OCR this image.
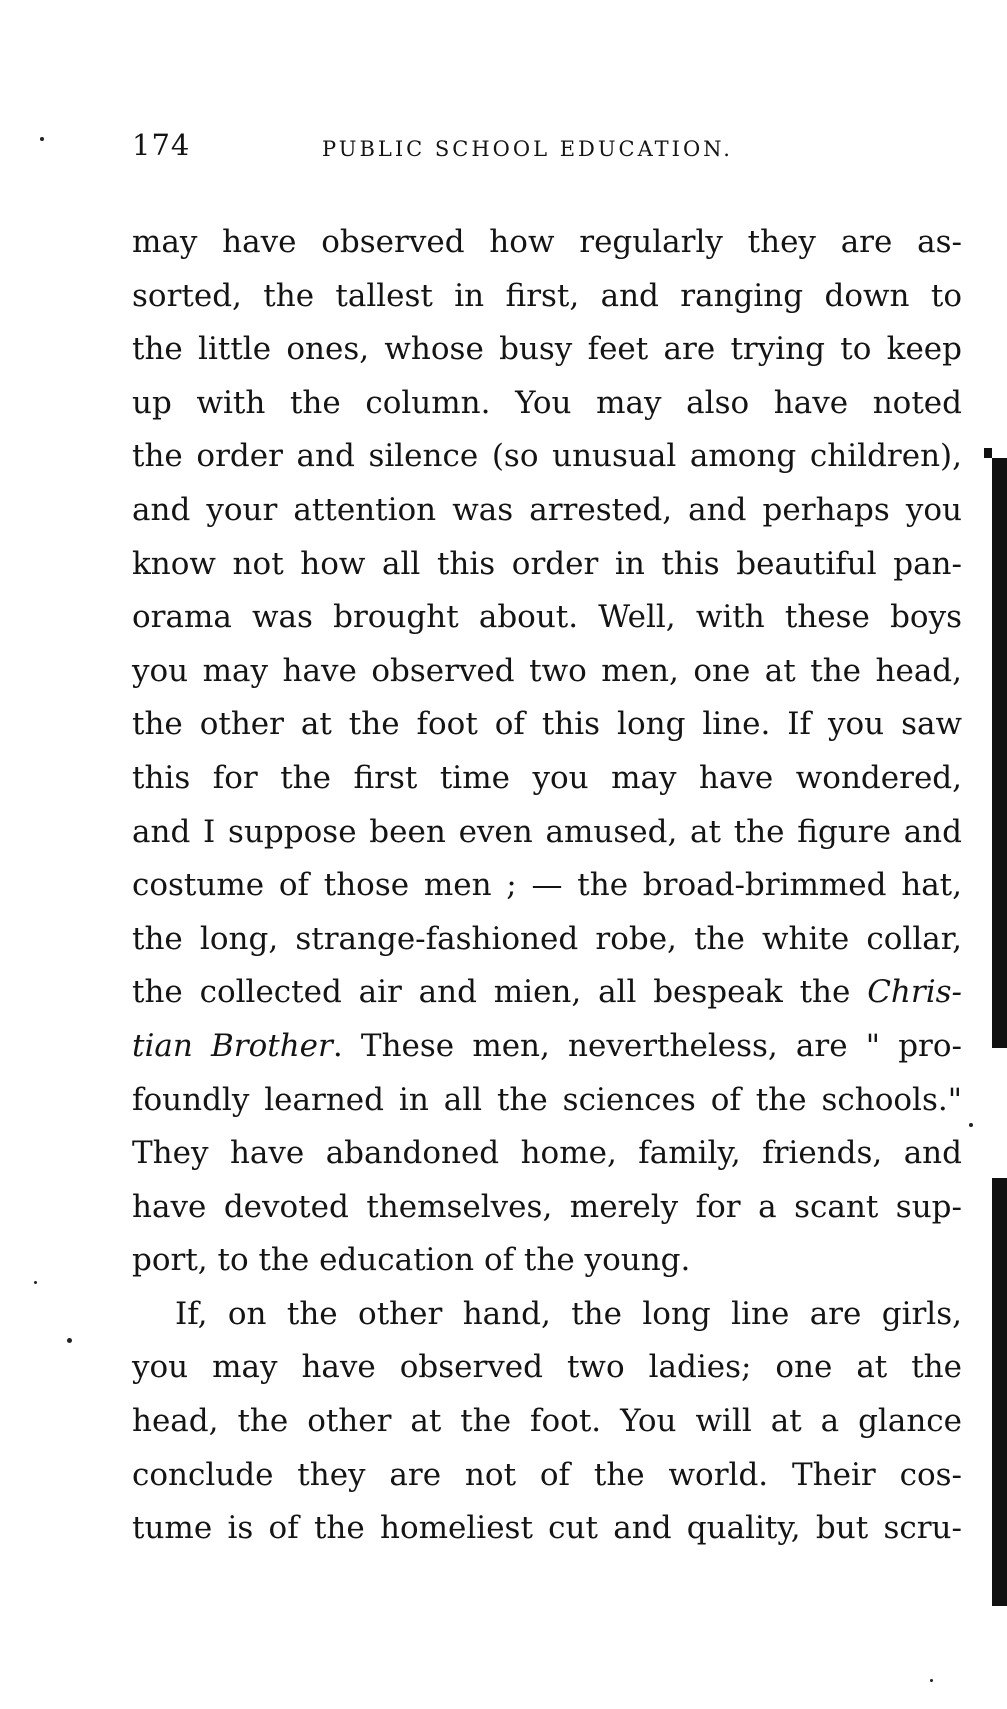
174	PUBLIC SCHOOL EDUCATION.
may have observed how regularly they are as-
sorted, the tallest in first, and ranging down to
the little ones, whose busy feet are trying to keep
up with the column. You may also have noted
the order and silence (so unusual among children),
and your attention was arrested, and perhaps you
know not how all this order in this beautiful pan-
orama was brought about. Well, with these boys
you may have observed two men, one at the head,
the other at the foot of this long line. If you saw
this for the first time you may have wondered,
and I suppose been even amused, at the figure and
costume of those men ; — the broad-brimmed hat,
the long, strange-fashioned robe, the white collar,
the collected air and mien, all bespeak the Chris-
tian Brother. These men, nevertheless, are " pro-
foundly learned in all the sciences of the schools."
They have abandoned home, family, friends, and
have devoted themselves, merely for a scant sup-
port, to the education of the young.
If, on the other hand, the long line are girls,
you may have observed two ladies; one at the
head, the other at the foot. You will at a glance
conclude they are not of the world. Their cos-
tume is of the homeliest cut and quality, but scru-
